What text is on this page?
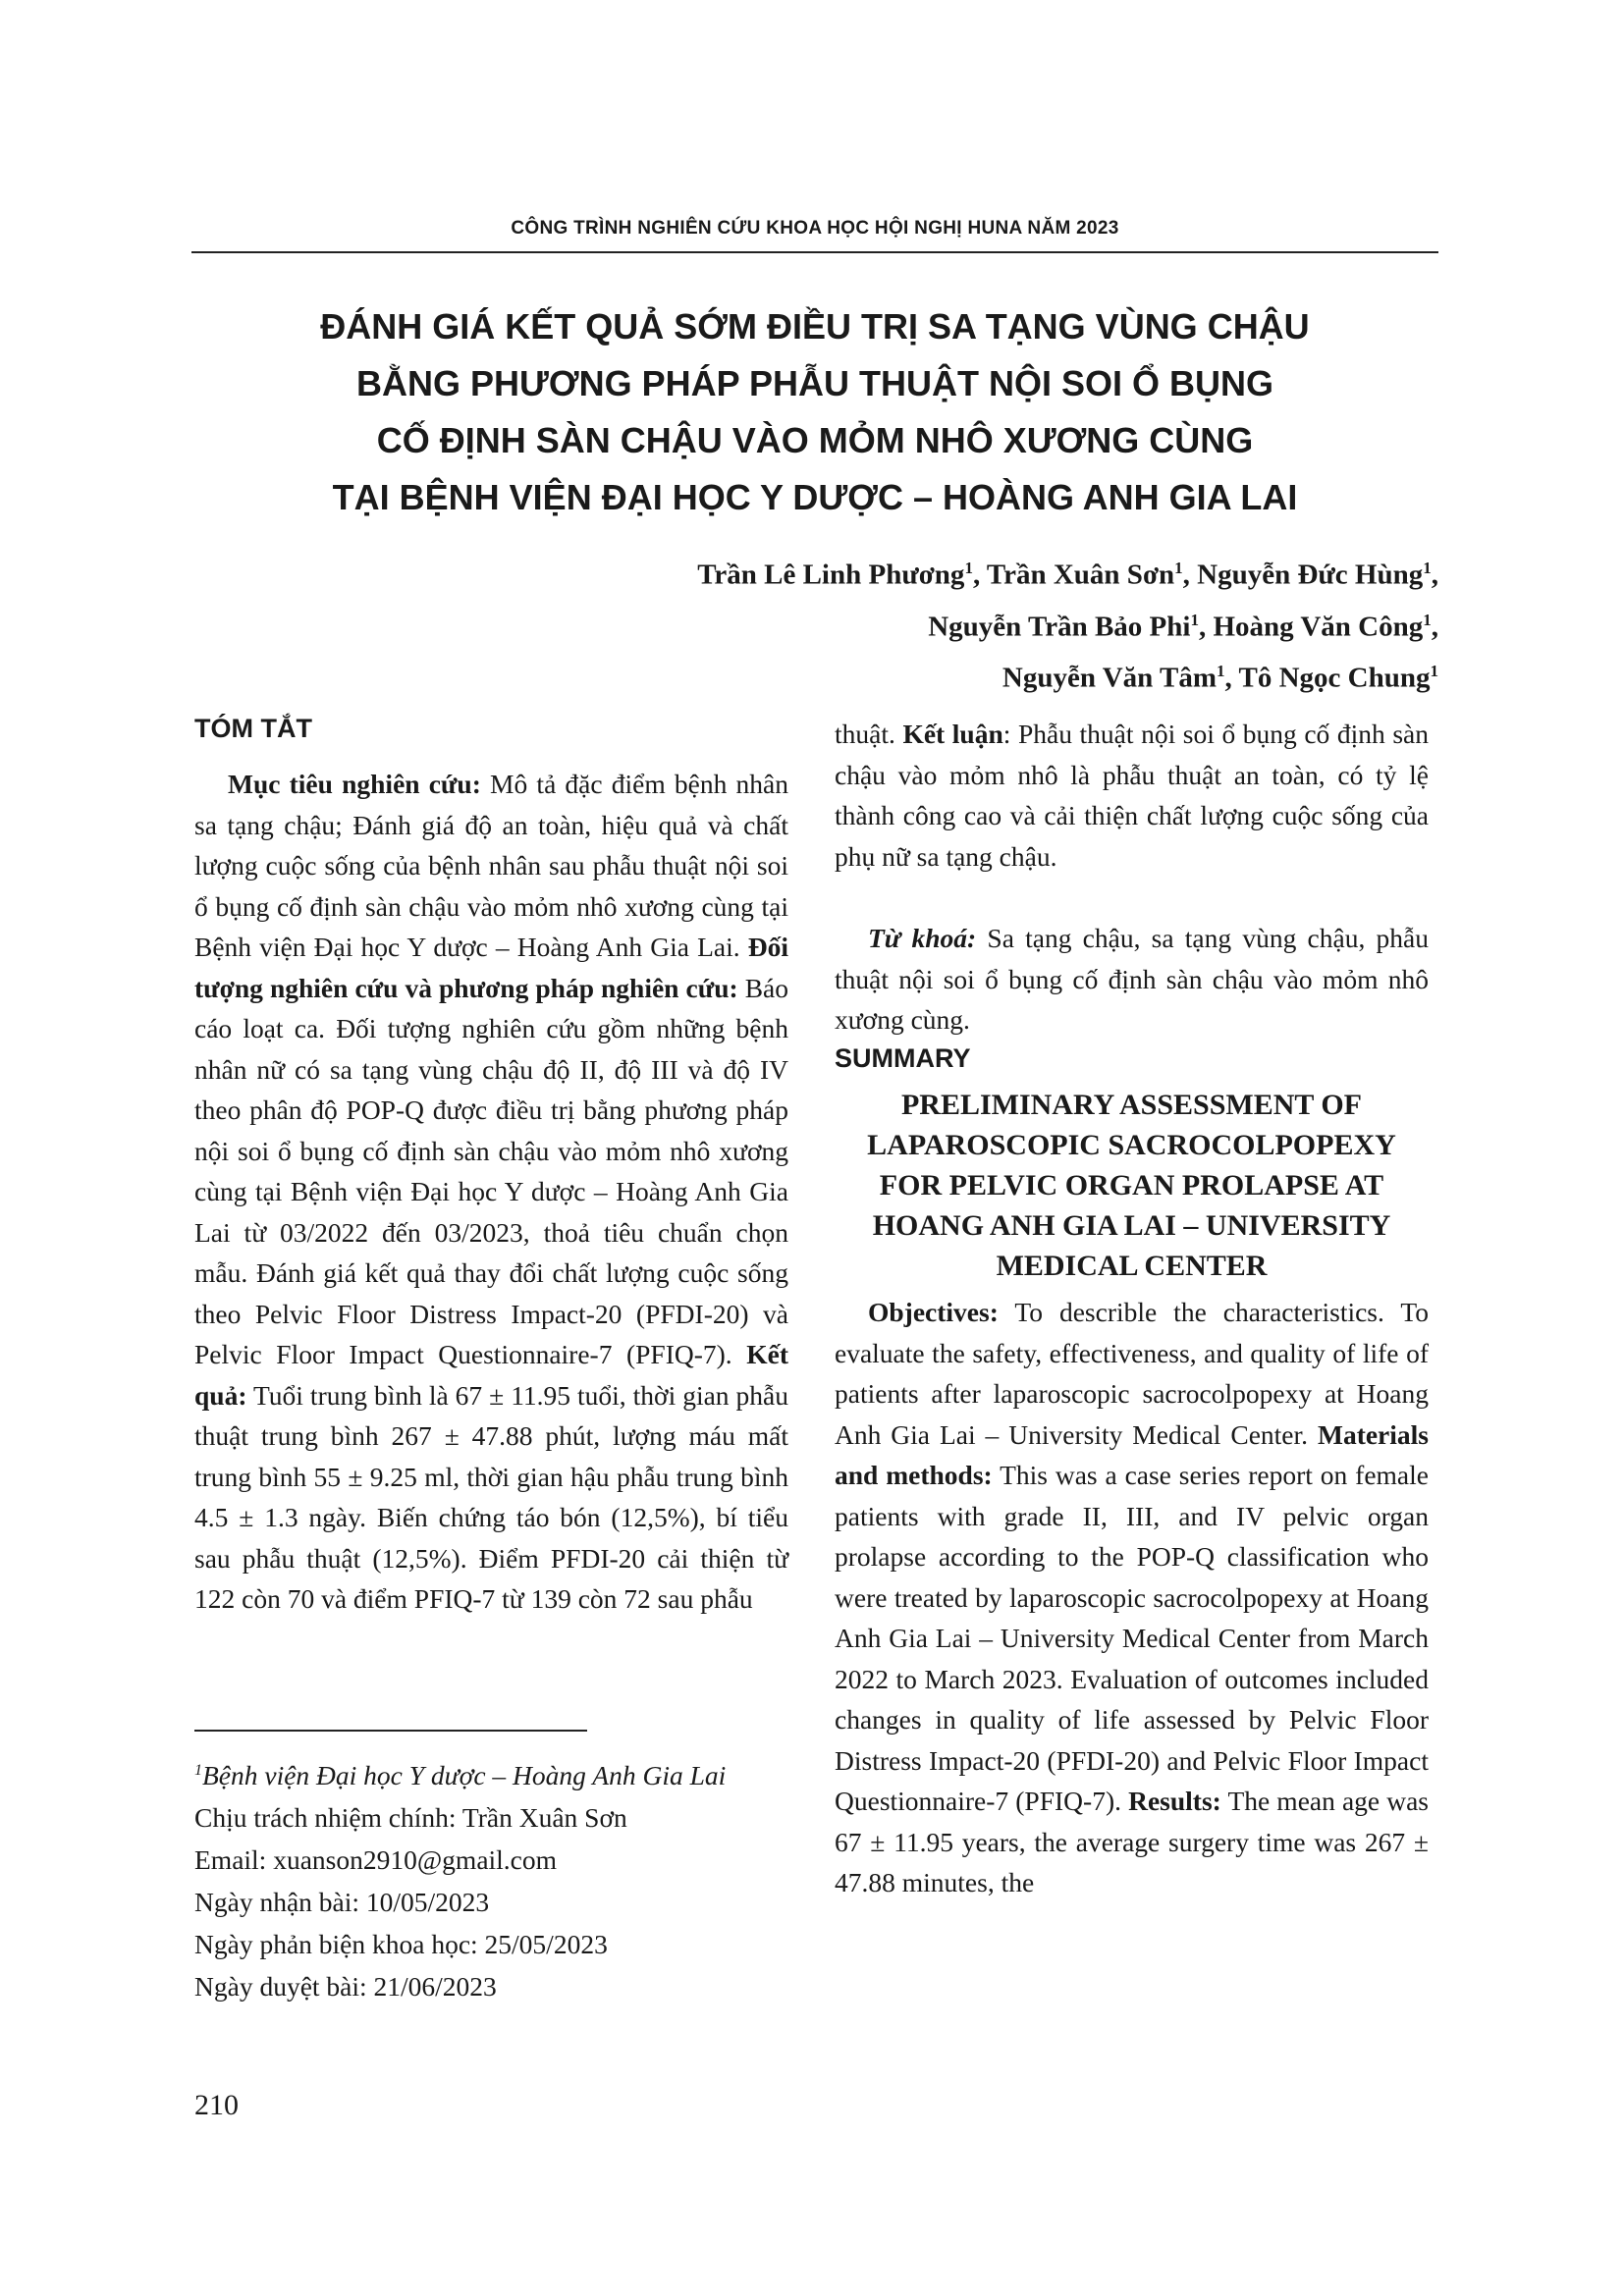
CÔNG TRÌNH NGHIÊN CỨU KHOA HỌC HỘI NGHỊ HUNA NĂM 2023
ĐÁNH GIÁ KẾT QUẢ SỚM ĐIỀU TRỊ SA TẠNG VÙNG CHẬU
BẰNG PHƯƠNG PHÁP PHẪU THUẬT NỘI SOI Ổ BỤNG
CỐ ĐỊNH SÀN CHẬU VÀO MỎM NHÔ XƯƠNG CÙNG
TẠI BỆNH VIỆN ĐẠI HỌC Y DƯỢC – HOÀNG ANH GIA LAI
Trần Lê Linh Phương$^1$, Trần Xuân Sơn$^1$, Nguyễn Đức Hùng$^1$,
Nguyễn Trần Bảo Phi$^1$, Hoàng Văn Công$^1$,
Nguyễn Văn Tâm$^1$, Tô Ngọc Chung$^1$
TÓM TẮT
Mục tiêu nghiên cứu: Mô tả đặc điểm bệnh nhân sa tạng chậu; Đánh giá độ an toàn, hiệu quả và chất lượng cuộc sống của bệnh nhân sau phẫu thuật nội soi ổ bụng cố định sàn chậu vào mỏm nhô xương cùng tại Bệnh viện Đại học Y dược – Hoàng Anh Gia Lai. Đối tượng nghiên cứu và phương pháp nghiên cứu: Báo cáo loạt ca. Đối tượng nghiên cứu gồm những bệnh nhân nữ có sa tạng vùng chậu độ II, độ III và độ IV theo phân độ POP-Q được điều trị bằng phương pháp nội soi ổ bụng cố định sàn chậu vào mỏm nhô xương cùng tại Bệnh viện Đại học Y dược – Hoàng Anh Gia Lai từ 03/2022 đến 03/2023, thoả tiêu chuẩn chọn mẫu. Đánh giá kết quả thay đổi chất lượng cuộc sống theo Pelvic Floor Distress Impact-20 (PFDI-20) và Pelvic Floor Impact Questionnaire-7 (PFIQ-7). Kết quả: Tuổi trung bình là 67 ± 11.95 tuổi, thời gian phẫu thuật trung bình 267 ± 47.88 phút, lượng máu mất trung bình 55 ± 9.25 ml, thời gian hậu phẫu trung bình 4.5 ± 1.3 ngày. Biến chứng táo bón (12,5%), bí tiểu sau phẫu thuật (12,5%). Điểm PFDI-20 cải thiện từ 122 còn 70 và điểm PFIQ-7 từ 139 còn 72 sau phẫu
$^1$Bệnh viện Đại học Y dược – Hoàng Anh Gia Lai
Chịu trách nhiệm chính: Trần Xuân Sơn
Email: xuanson2910@gmail.com
Ngày nhận bài: 10/05/2023
Ngày phản biện khoa học: 25/05/2023
Ngày duyệt bài: 21/06/2023
210
thuật. Kết luận: Phẫu thuật nội soi ổ bụng cố định sàn chậu vào mỏm nhô là phẫu thuật an toàn, có tỷ lệ thành công cao và cải thiện chất lượng cuộc sống của phụ nữ sa tạng chậu.
Từ khoá: Sa tạng chậu, sa tạng vùng chậu, phẫu thuật nội soi ổ bụng cố định sàn chậu vào mỏm nhô xương cùng.
SUMMARY
PRELIMINARY ASSESSMENT OF
LAPAROSCOPIC SACROCOLPOPEXY
FOR PELVIC ORGAN PROLAPSE AT
HOANG ANH GIA LAI – UNIVERSITY
MEDICAL CENTER
Objectives: To describle the characteristics. To evaluate the safety, effectiveness, and quality of life of patients after laparoscopic sacrocolpopexy at Hoang Anh Gia Lai – University Medical Center. Materials and methods: This was a case series report on female patients with grade II, III, and IV pelvic organ prolapse according to the POP-Q classification who were treated by laparoscopic sacrocolpopexy at Hoang Anh Gia Lai – University Medical Center from March 2022 to March 2023. Evaluation of outcomes included changes in quality of life assessed by Pelvic Floor Distress Impact-20 (PFDI-20) and Pelvic Floor Impact Questionnaire-7 (PFIQ-7). Results: The mean age was 67 ± 11.95 years, the average surgery time was 267 ± 47.88 minutes, the
